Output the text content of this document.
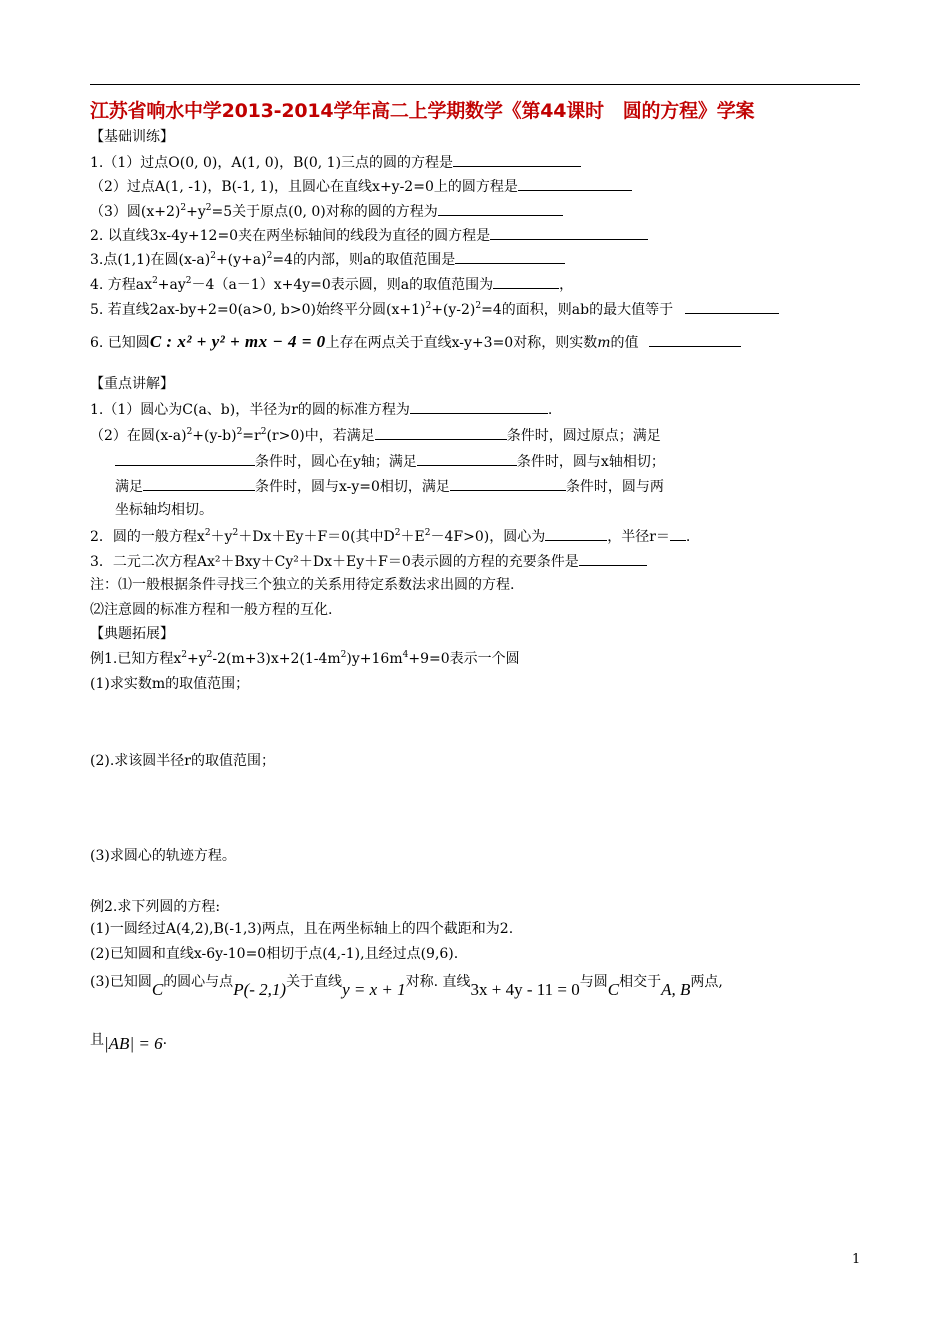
江苏省响水中学2013-2014学年高二上学期数学《第44课时　圆的方程》学案
【基础训练】
1.（1）过点O(0, 0)，A(1, 0)，B(0, 1)三点的圆的方程是
（2）过点A(1, -1)，B(-1, 1)，且圆心在直线x+y-2=0上的圆方程是
（3）圆$(x+2)^2+y^2=5$关于原点(0, 0)对称的圆的方程为
2. 以直线3x-4y+12=0夹在两坐标轴间的线段为直径的圆方程是
3.点(1,1)在圆$(x-a)^2+(y+a)^2=4$的内部，则a的取值范围是
4. 方程$ax^2+ay^2-4(a-1)x+4y=0$表示圆，则a的取值范围为	，
5. 若直线2ax-by+2=0(a>0, b>0)始终平分圆$(x+1)^2+(y-2)^2=4$的面积，则ab的最大值等于
6. 已知圆C : x² + y² + mx − 4 = 0上存在两点关于直线x-y+3=0对称，则实数m的值
【重点讲解】
1.（1）圆心为C(a、b)，半径为r的圆的标准方程为	.
（2）在圆$(x-a)^2+(y-b)^2=r^2(r>0)$中，若满足	条件时，圆过原点；满足
条件时，圆心在y轴；满足	条件时，圆与x轴相切；
满足	条件时，圆与x-y=0相切，满足	条件时，圆与两
坐标轴均相切。
2．圆的一般方程$x^2+y^2+Dx+Ey+F=0$(其中$D^2+E^2-4F>0$)，圆心为	，半径r＝ .
3．二元二次方程Ax²＋Bxy＋Cy²＋Dx＋Ey＋F＝0表示圆的方程的充要条件是
注：⑴一般根据条件寻找三个独立的关系用待定系数法求出圆的方程.
⑵注意圆的标准方程和一般方程的互化.
【典题拓展】
例1.已知方程$x^2+y^2-2(m+3)x+2(1-4m^2)y+16m^4+9=0$表示一个圆
(1)求实数m的取值范围；
(2).求该圆半径r的取值范围；
(3)求圆心的轨迹方程。
例2.求下列圆的方程:
(1)一圆经过A(4,2),B(-1,3)两点，且在两坐标轴上的四个截距和为2.
(2)已知圆和直线x-6y-10=0相切于点(4,-1),且经过点(9,6).
(3)已知圆C的圆心与点P(- 2,1)关于直线y = x + 1对称. 直线3x + 4y - 11 = 0与圆C相交于A, B两点,
且|AB| = 6.
1
